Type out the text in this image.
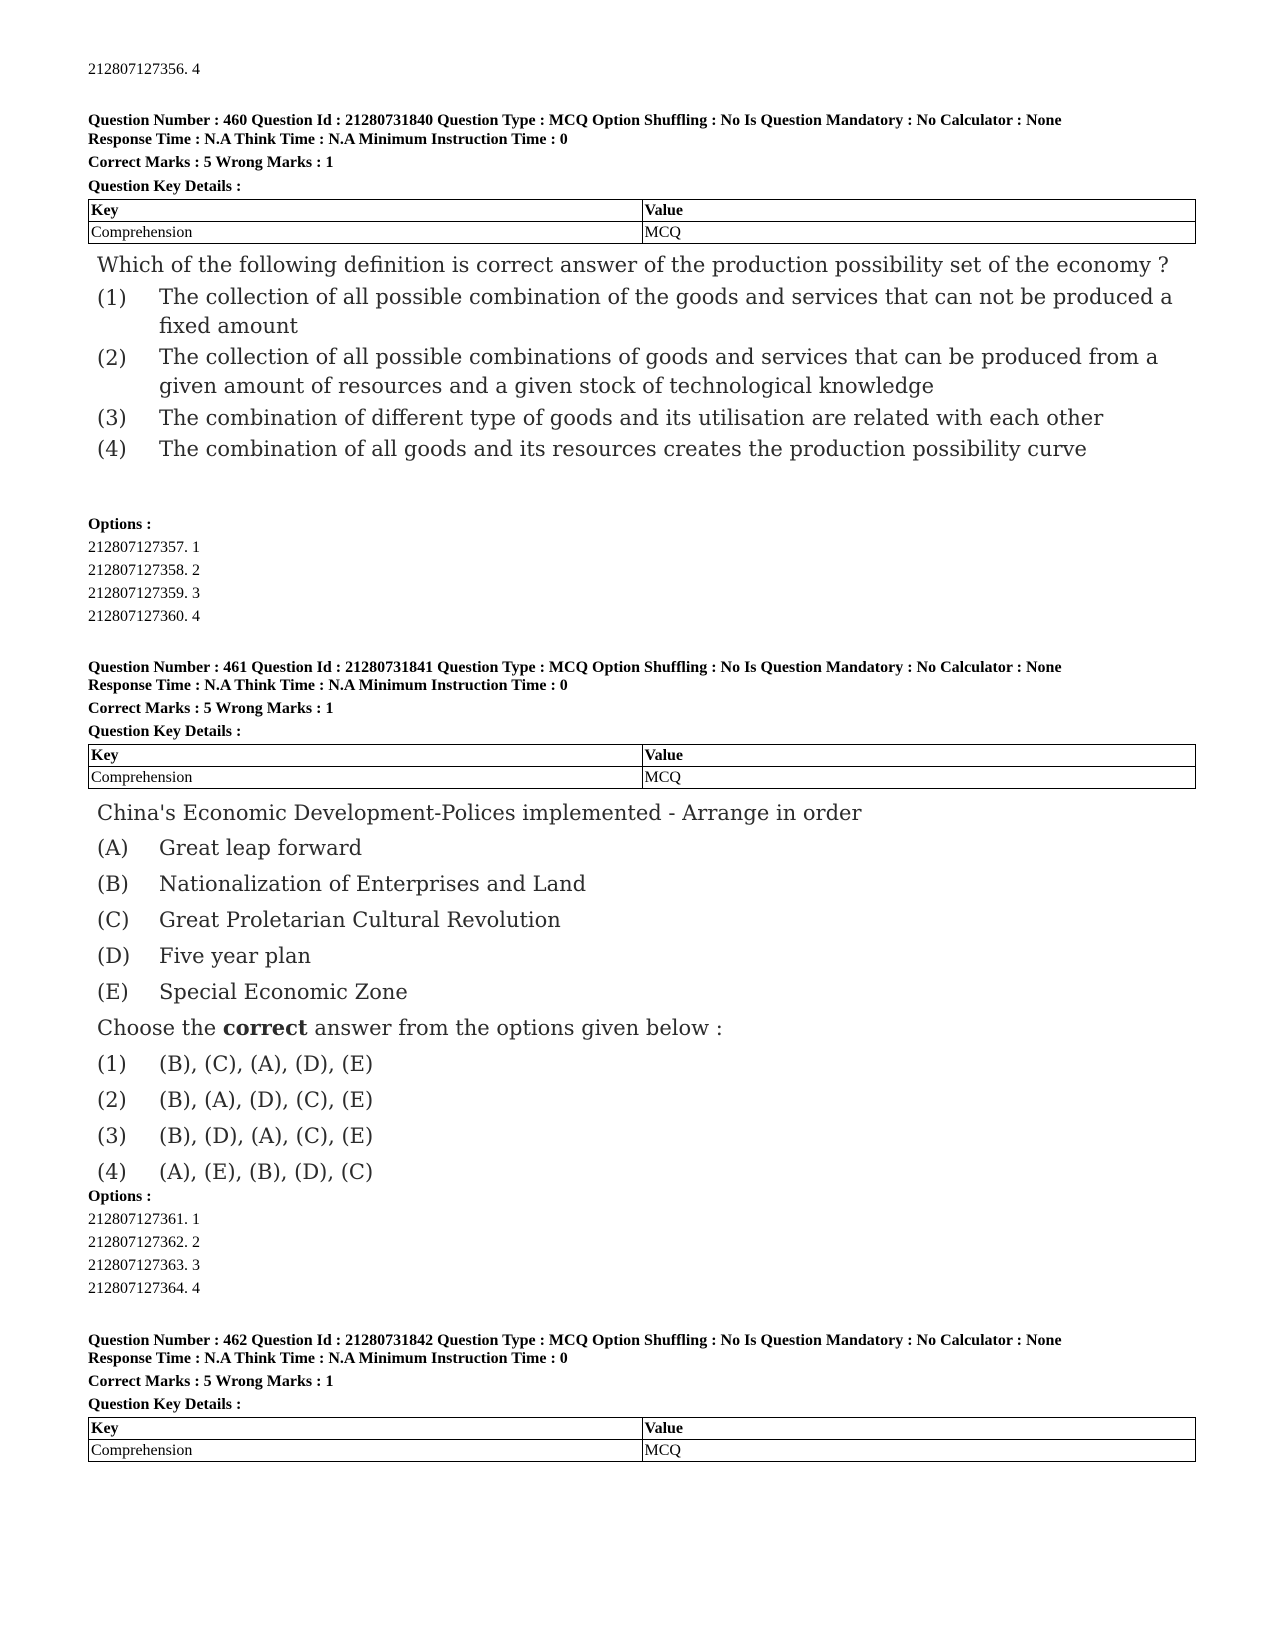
212807127356. 4
Question Number : 460 Question Id : 21280731840 Question Type : MCQ Option Shuffling : No Is Question Mandatory : No Calculator : None
Response Time : N.A Think Time : N.A Minimum Instruction Time : 0
Correct Marks : 5 Wrong Marks : 1
Question Key Details :
Key	Value
Comprehension	MCQ
Which of the following definition is correct answer of the production possibility set of the economy ?
(1)	The collection of all possible combination of the goods and services that can not be produced a fixed amount
(2)	The collection of all possible combinations of goods and services that can be produced from a given amount of resources and a given stock of technological knowledge
(3)	The combination of different type of goods and its utilisation are related with each other
(4)	The combination of all goods and its resources creates the production possibility curve
Options :
212807127357. 1
212807127358. 2
212807127359. 3
212807127360. 4
Question Number : 461 Question Id : 21280731841 Question Type : MCQ Option Shuffling : No Is Question Mandatory : No Calculator : None
Response Time : N.A Think Time : N.A Minimum Instruction Time : 0
Correct Marks : 5 Wrong Marks : 1
Question Key Details :
Key	Value
Comprehension	MCQ
China's Economic Development-Polices implemented - Arrange in order
(A)	Great leap forward
(B)	Nationalization of Enterprises and Land
(C)	Great Proletarian Cultural Revolution
(D)	Five year plan
(E)	Special Economic Zone
Choose the correct answer from the options given below :
(1)	(B), (C), (A), (D), (E)
(2)	(B), (A), (D), (C), (E)
(3)	(B), (D), (A), (C), (E)
(4)	(A), (E), (B), (D), (C)
Options :
212807127361. 1
212807127362. 2
212807127363. 3
212807127364. 4
Question Number : 462 Question Id : 21280731842 Question Type : MCQ Option Shuffling : No Is Question Mandatory : No Calculator : None
Response Time : N.A Think Time : N.A Minimum Instruction Time : 0
Correct Marks : 5 Wrong Marks : 1
Question Key Details :
Key	Value
Comprehension	MCQ
